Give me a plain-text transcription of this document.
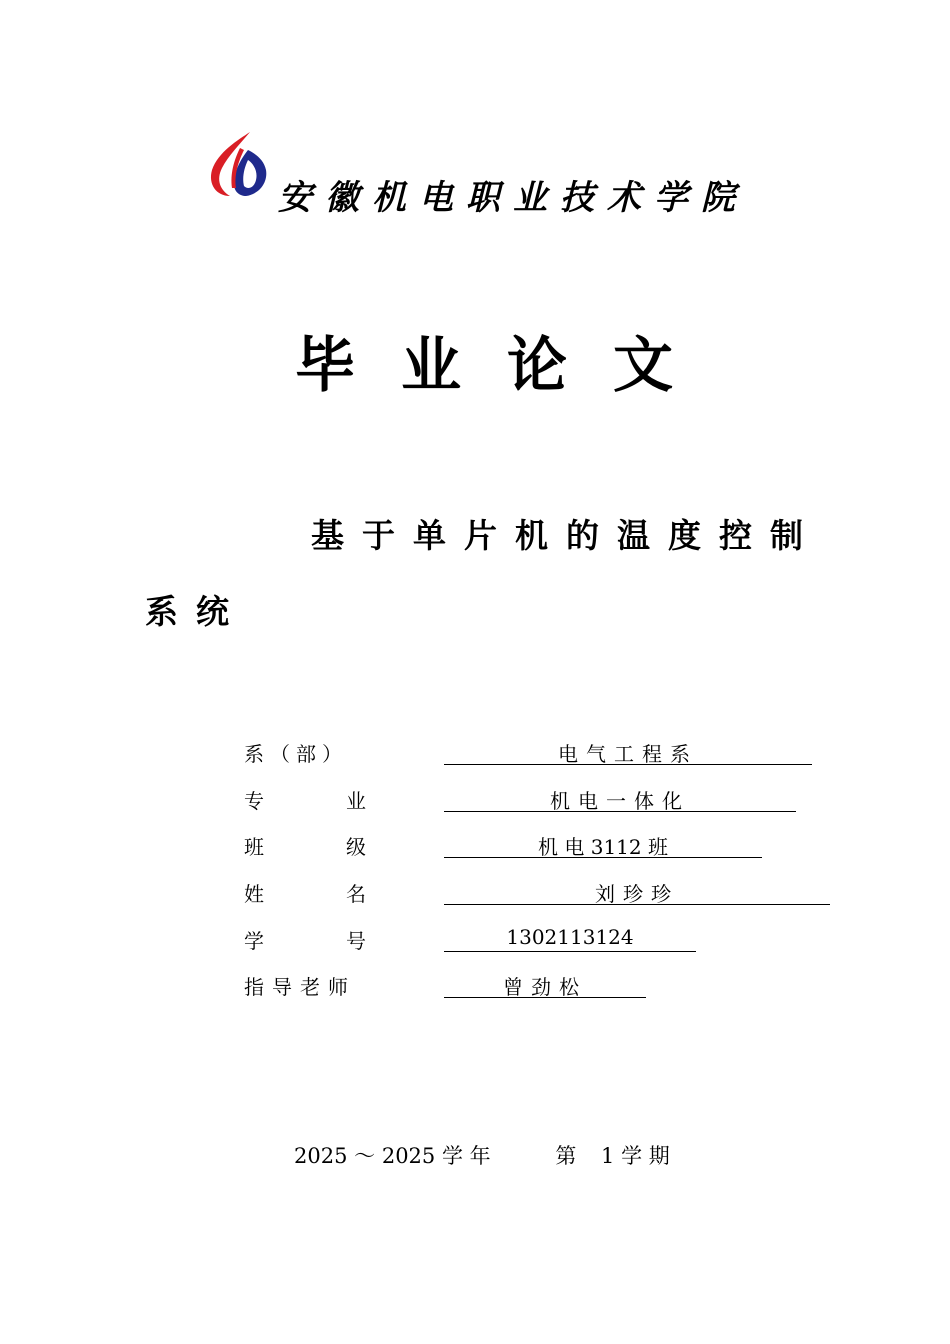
安徽机电职业技术学院
毕业论文
基于单片机的温度控制系统
系（部）	电气工程系
专	业	机电一体化
班	级	机 电 3112 班
姓	名	刘珍珍
学	号	1302113124
指导老师	曾劲松
2025 ～ 2025 学 年	第 1 学 期
